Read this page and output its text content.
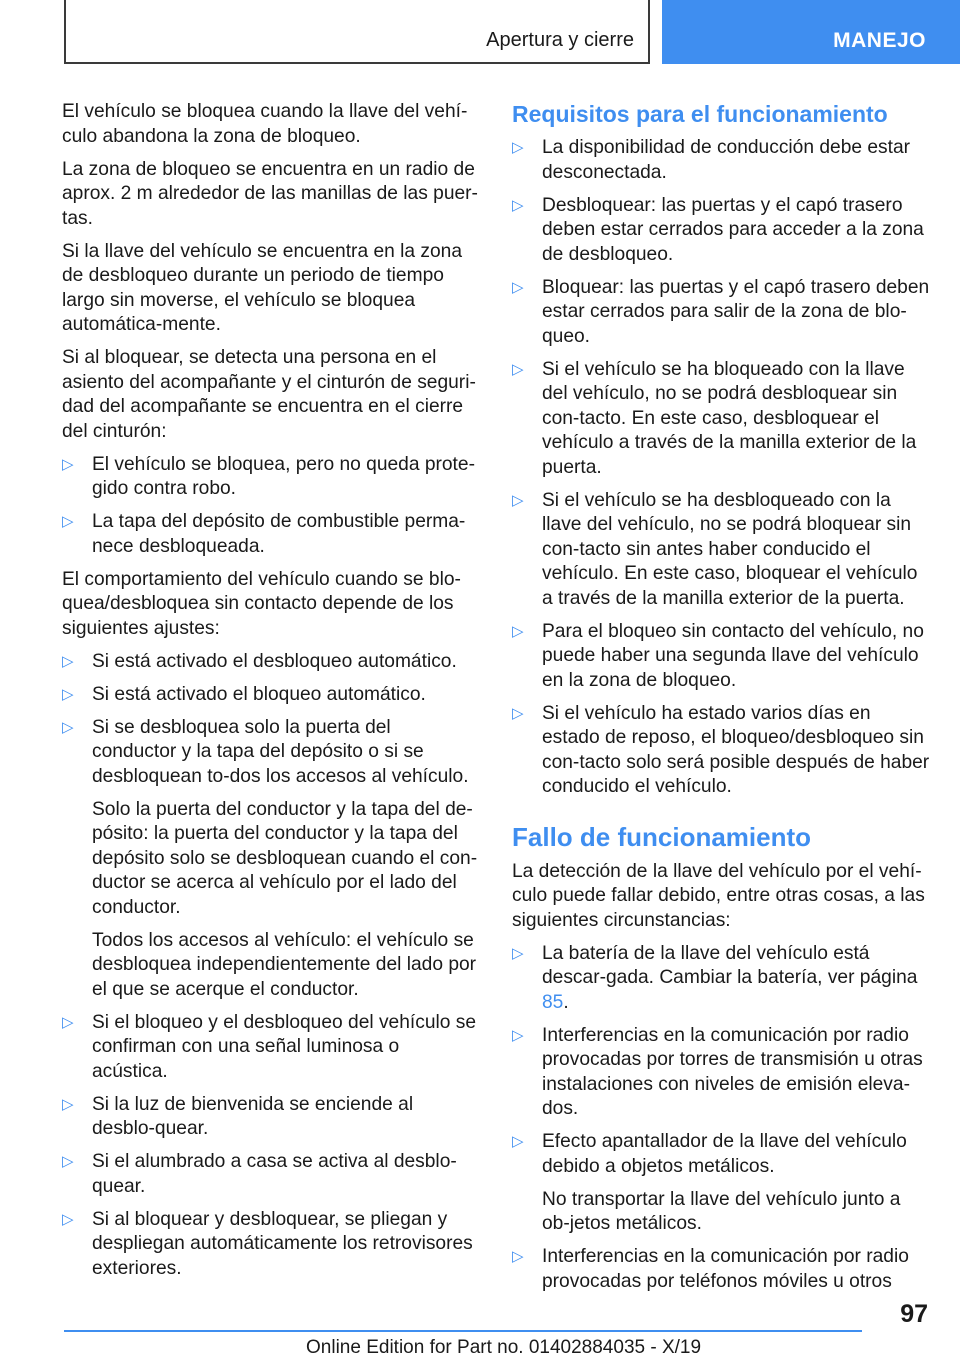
Apertura y cierre	MANEJO

El vehículo se bloquea cuando la llave del vehí-culo abandona la zona de bloqueo.

La zona de bloqueo se encuentra en un radio de aprox. 2 m alrededor de las manillas de las puer-tas.

Si la llave del vehículo se encuentra en la zona de desbloqueo durante un periodo de tiempo largo sin moverse, el vehículo se bloquea automática-mente.

Si al bloquear, se detecta una persona en el asiento del acompañante y el cinturón de seguri-dad del acompañante se encuentra en el cierre del cinturón:

▷ El vehículo se bloquea, pero no queda prote-gido contra robo.
▷ La tapa del depósito de combustible perma-nece desbloqueada.

El comportamiento del vehículo cuando se blo-quea/desbloquea sin contacto depende de los siguientes ajustes:

▷ Si está activado el desbloqueo automático.
▷ Si está activado el bloqueo automático.
▷ Si se desbloquea solo la puerta del conductor y la tapa del depósito o si se desbloquean to-dos los accesos al vehículo.
Solo la puerta del conductor y la tapa del de-pósito: la puerta del conductor y la tapa del depósito solo se desbloquean cuando el con-ductor se acerca al vehículo por el lado del conductor.
Todos los accesos al vehículo: el vehículo se desbloquea independientemente del lado por el que se acerque el conductor.
▷ Si el bloqueo y el desbloqueo del vehículo se confirman con una señal luminosa o acústica.
▷ Si la luz de bienvenida se enciende al desblo-quear.
▷ Si el alumbrado a casa se activa al desblo-quear.
▷ Si al bloquear y desbloquear, se pliegan y despliegan automáticamente los retrovisores exteriores.
Requisitos para el funcionamiento
▷ La disponibilidad de conducción debe estar desconectada.
▷ Desbloquear: las puertas y el capó trasero deben estar cerrados para acceder a la zona de desbloqueo.
▷ Bloquear: las puertas y el capó trasero deben estar cerrados para salir de la zona de blo-queo.
▷ Si el vehículo se ha bloqueado con la llave del vehículo, no se podrá desbloquear sin con-tacto. En este caso, desbloquear el vehículo a través de la manilla exterior de la puerta.
▷ Si el vehículo se ha desbloqueado con la llave del vehículo, no se podrá bloquear sin con-tacto sin antes haber conducido el vehículo. En este caso, bloquear el vehículo a través de la manilla exterior de la puerta.
▷ Para el bloqueo sin contacto del vehículo, no puede haber una segunda llave del vehículo en la zona de bloqueo.
▷ Si el vehículo ha estado varios días en estado de reposo, el bloqueo/desbloqueo sin con-tacto solo será posible después de haber conducido el vehículo.
Fallo de funcionamiento

La detección de la llave del vehículo por el vehí-culo puede fallar debido, entre otras cosas, a las siguientes circunstancias:

▷ La batería de la llave del vehículo está descar-gada. Cambiar la batería, ver página 85.
▷ Interferencias en la comunicación por radio provocadas por torres de transmisión u otras instalaciones con niveles de emisión eleva-dos.
▷ Efecto apantallador de la llave del vehículo debido a objetos metálicos.
No transportar la llave del vehículo junto a ob-jetos metálicos.
▷ Interferencias en la comunicación por radio provocadas por teléfonos móviles u otros
97
Online Edition for Part no. 01402884035 - X/19
